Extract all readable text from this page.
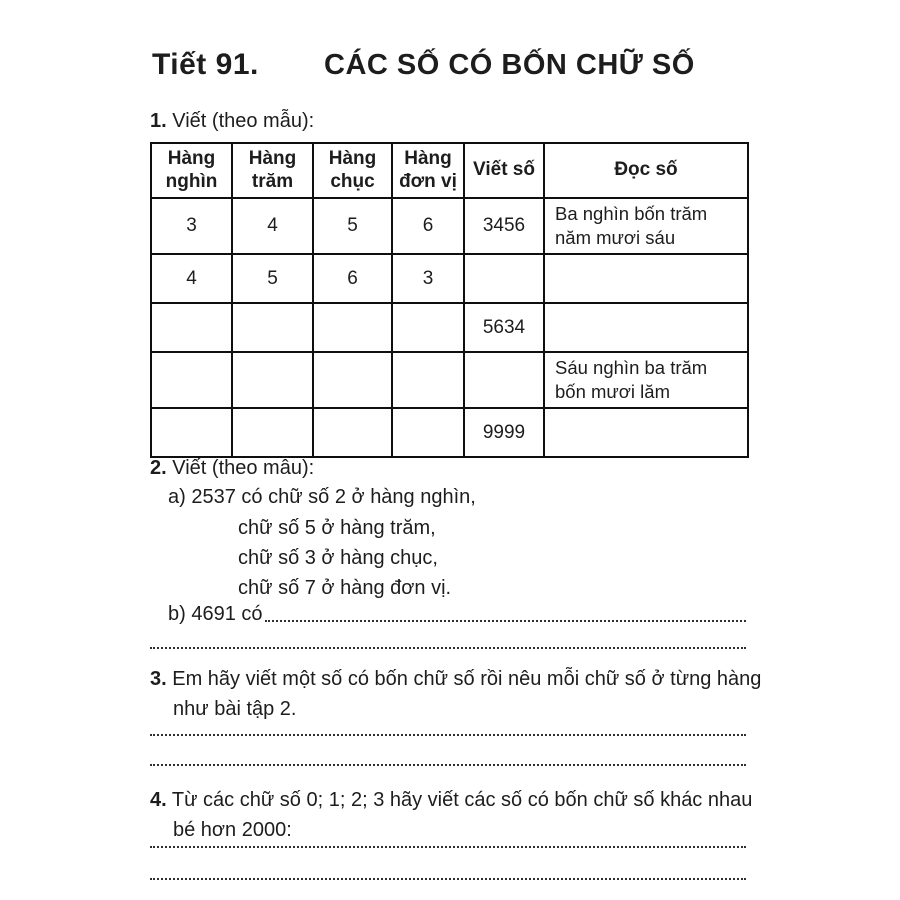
Tiết 91. CÁC SỐ CÓ BỐN CHỮ SỐ
1. Viết (theo mẫu):
Hàng nghìn	Hàng trăm	Hàng chục	Hàng đơn vị	Viết số	Đọc số
3	4	5	6	3456	Ba nghìn bốn trăm năm mươi sáu
4	5	6	3		
				5634	
					Sáu nghìn ba trăm bốn mươi lăm
				9999	
2. Viết (theo mẫu):
a) 2537 có chữ số 2 ở hàng nghìn,
chữ số 5 ở hàng trăm,
chữ số 3 ở hàng chục,
chữ số 7 ở hàng đơn vị.
b)
4691 có
3. Em hãy viết một số có bốn chữ số rồi nêu mỗi chữ số ở từng hàng như bài tập 2.
4. Từ các chữ số 0; 1; 2; 3 hãy viết các số có bốn chữ số khác nhau bé hơn 2000:
